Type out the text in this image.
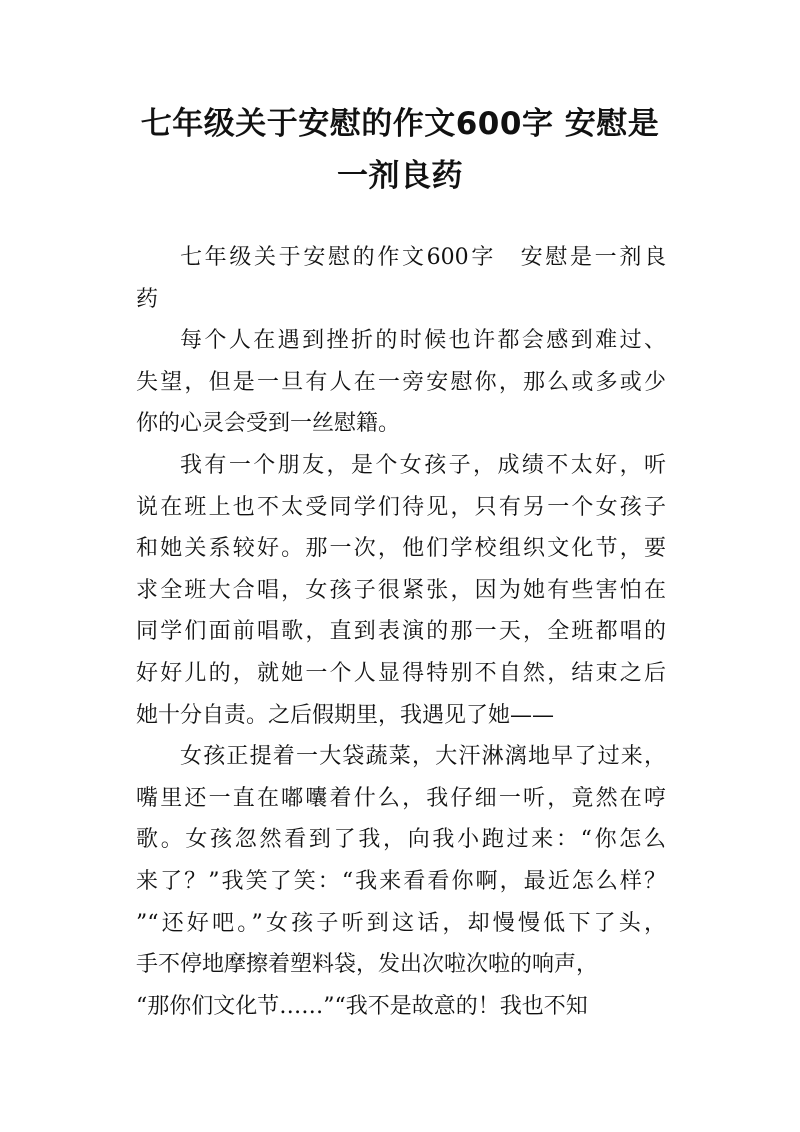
七年级关于安慰的作文600字 安慰是
一剂良药
七年级关于安慰的作文600字　安慰是一剂良
药
每个人在遇到挫折的时候也许都会感到难过、
失望，但是一旦有人在一旁安慰你，那么或多或少
你的心灵会受到一丝慰籍。
我有一个朋友，是个女孩子，成绩不太好，听
说在班上也不太受同学们待见，只有另一个女孩子
和她关系较好。那一次，他们学校组织文化节，要
求全班大合唱，女孩子很紧张，因为她有些害怕在
同学们面前唱歌，直到表演的那一天，全班都唱的
好好儿的，就她一个人显得特别不自然，结束之后
她十分自责。之后假期里，我遇见了她——
女孩正提着一大袋蔬菜，大汗淋漓地早了过来，
嘴里还一直在嘟囔着什么，我仔细一听，竟然在哼
歌。女孩忽然看到了我，向我小跑过来：“你怎么
来了？”我笑了笑：“我来看看你啊，最近怎么样？
”“还好吧。”女孩子听到这话，却慢慢低下了头，
手不停地摩擦着塑料袋，发出次啦次啦的响声，
“那你们文化节……”“我不是故意的！我也不知
